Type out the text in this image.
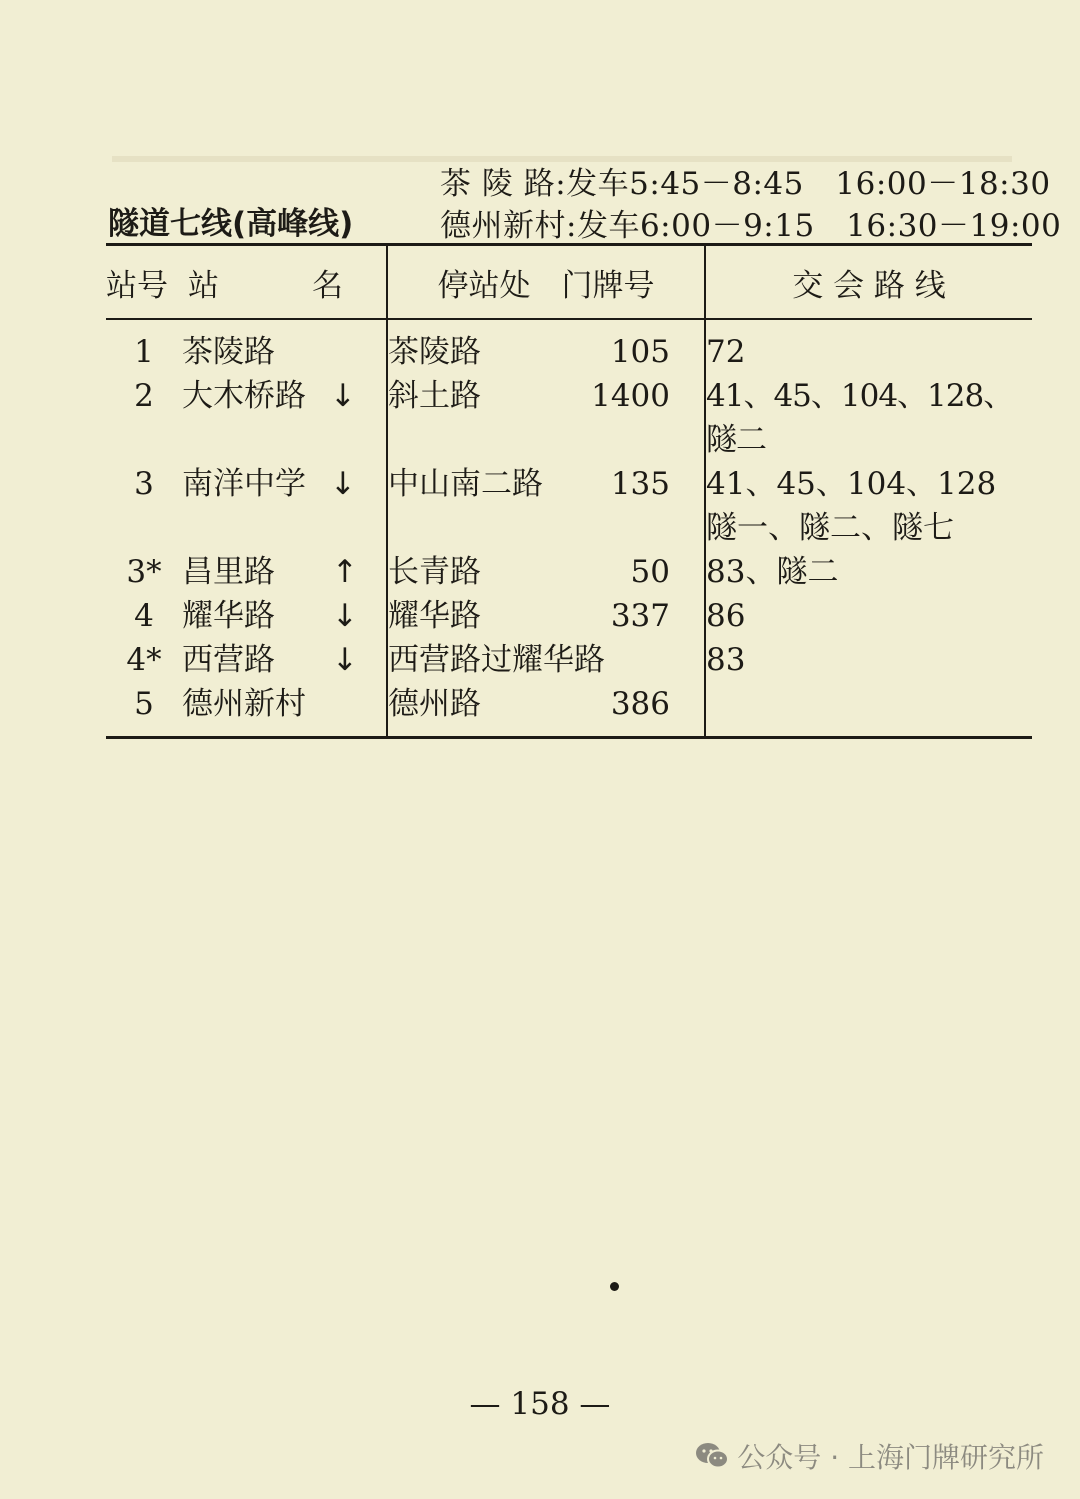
茶 陵 路:发车5:45－8:45　16:00－18:30
德州新村:发车6:00－9:15　16:30－19:00
隧道七线(高峰线)
站号	站　　　名	停站处　门牌号	交 会 路 线
1	茶陵路	茶陵路 105	72
2	大木桥路 ↓	斜土路 1400	41、45、104、128、隧二
3	南洋中学 ↓	中山南二路 135	41、45、104、128
隧一、隧二、隧七
3*	昌里路 ↑	长青路 50	83、隧二
4	耀华路 ↓	耀华路 337	86
4*	西营路 ↓	西营路过耀华路	83
5	德州新村	德州路 386	

— 158 —
公众号 · 上海门牌研究所
